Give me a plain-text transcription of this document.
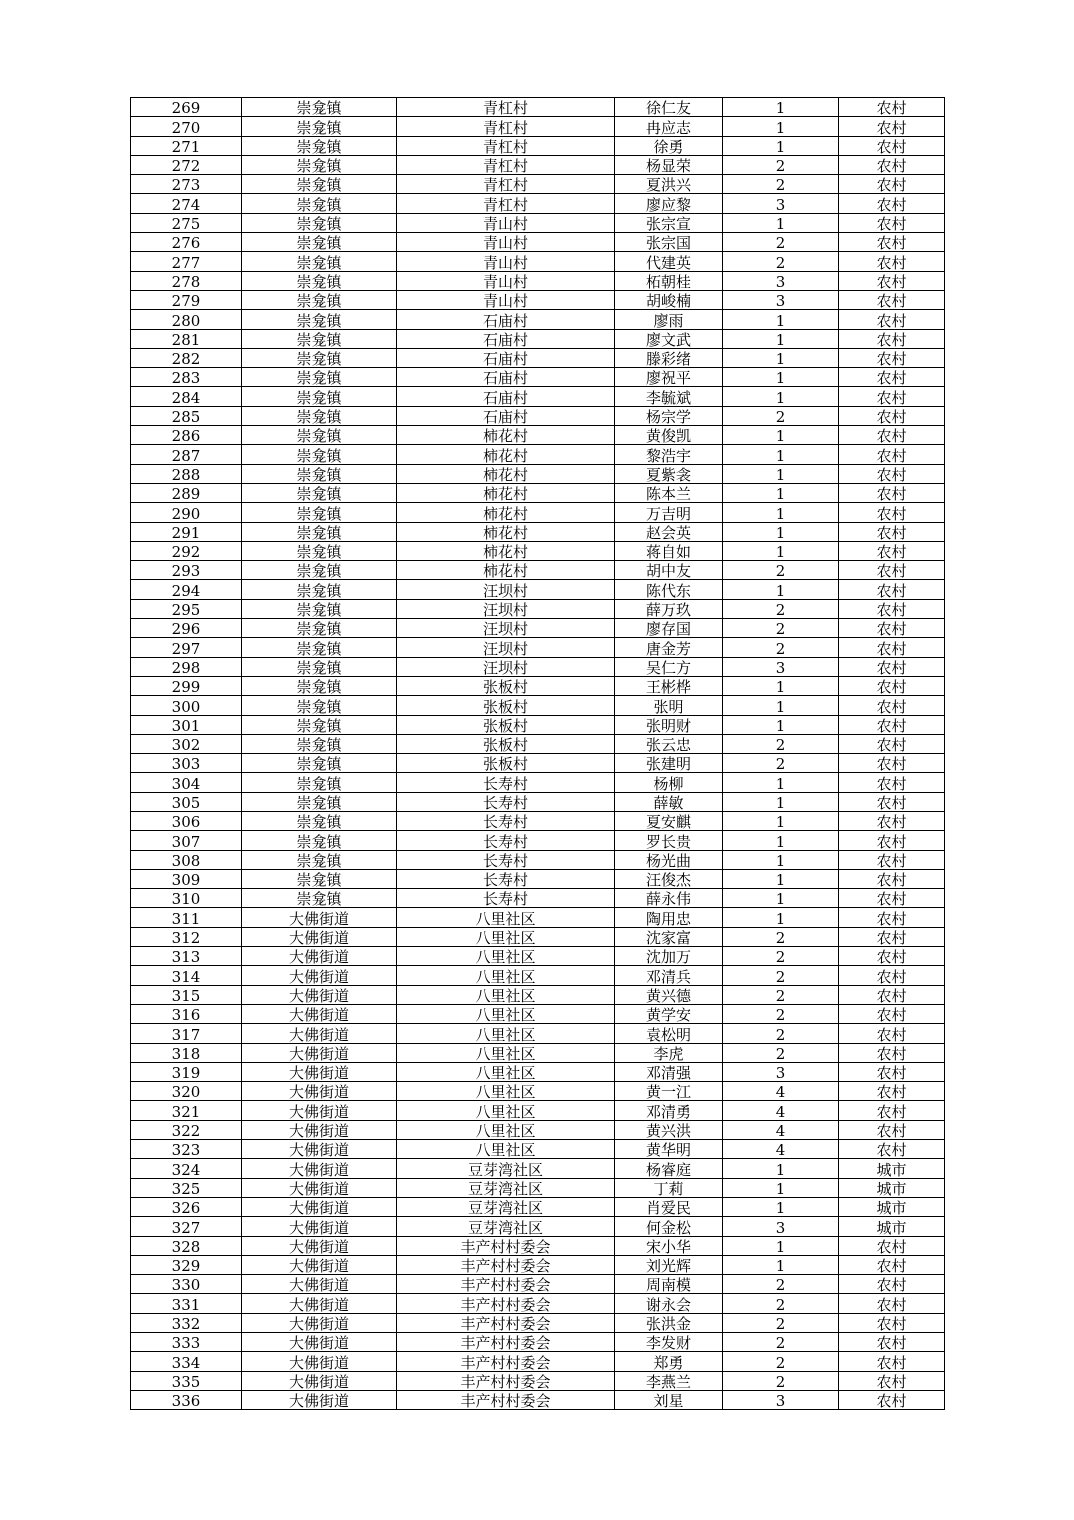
269	崇龛镇	青杠村	徐仁友	1	农村
270	崇龛镇	青杠村	冉应志	1	农村
271	崇龛镇	青杠村	徐勇	1	农村
272	崇龛镇	青杠村	杨显荣	2	农村
273	崇龛镇	青杠村	夏洪兴	2	农村
274	崇龛镇	青杠村	廖应黎	3	农村
275	崇龛镇	青山村	张宗宣	1	农村
276	崇龛镇	青山村	张宗国	2	农村
277	崇龛镇	青山村	代建英	2	农村
278	崇龛镇	青山村	柘朝桂	3	农村
279	崇龛镇	青山村	胡峻楠	3	农村
280	崇龛镇	石庙村	廖雨	1	农村
281	崇龛镇	石庙村	廖文武	1	农村
282	崇龛镇	石庙村	滕彩绪	1	农村
283	崇龛镇	石庙村	廖祝平	1	农村
284	崇龛镇	石庙村	李毓斌	1	农村
285	崇龛镇	石庙村	杨宗学	2	农村
286	崇龛镇	柿花村	黄俊凯	1	农村
287	崇龛镇	柿花村	黎浩宇	1	农村
288	崇龛镇	柿花村	夏紫衾	1	农村
289	崇龛镇	柿花村	陈本兰	1	农村
290	崇龛镇	柿花村	万吉明	1	农村
291	崇龛镇	柿花村	赵会英	1	农村
292	崇龛镇	柿花村	蒋自如	1	农村
293	崇龛镇	柿花村	胡中友	2	农村
294	崇龛镇	汪坝村	陈代东	1	农村
295	崇龛镇	汪坝村	薛万玖	2	农村
296	崇龛镇	汪坝村	廖存国	2	农村
297	崇龛镇	汪坝村	唐金芳	2	农村
298	崇龛镇	汪坝村	吴仁方	3	农村
299	崇龛镇	张板村	王彬桦	1	农村
300	崇龛镇	张板村	张明	1	农村
301	崇龛镇	张板村	张明财	1	农村
302	崇龛镇	张板村	张云忠	2	农村
303	崇龛镇	张板村	张建明	2	农村
304	崇龛镇	长寿村	杨柳	1	农村
305	崇龛镇	长寿村	薛敏	1	农村
306	崇龛镇	长寿村	夏安麒	1	农村
307	崇龛镇	长寿村	罗长贵	1	农村
308	崇龛镇	长寿村	杨光曲	1	农村
309	崇龛镇	长寿村	汪俊杰	1	农村
310	崇龛镇	长寿村	薛永伟	1	农村
311	大佛街道	八里社区	陶用忠	1	农村
312	大佛街道	八里社区	沈家富	2	农村
313	大佛街道	八里社区	沈加万	2	农村
314	大佛街道	八里社区	邓清兵	2	农村
315	大佛街道	八里社区	黄兴德	2	农村
316	大佛街道	八里社区	黄学安	2	农村
317	大佛街道	八里社区	袁松明	2	农村
318	大佛街道	八里社区	李虎	2	农村
319	大佛街道	八里社区	邓清强	3	农村
320	大佛街道	八里社区	黄一江	4	农村
321	大佛街道	八里社区	邓清勇	4	农村
322	大佛街道	八里社区	黄兴洪	4	农村
323	大佛街道	八里社区	黄华明	4	农村
324	大佛街道	豆芽湾社区	杨睿庭	1	城市
325	大佛街道	豆芽湾社区	丁莉	1	城市
326	大佛街道	豆芽湾社区	肖爱民	1	城市
327	大佛街道	豆芽湾社区	何金松	3	城市
328	大佛街道	丰产村村委会	宋小华	1	农村
329	大佛街道	丰产村村委会	刘光辉	1	农村
330	大佛街道	丰产村村委会	周南模	2	农村
331	大佛街道	丰产村村委会	谢永会	2	农村
332	大佛街道	丰产村村委会	张洪金	2	农村
333	大佛街道	丰产村村委会	李发财	2	农村
334	大佛街道	丰产村村委会	郑勇	2	农村
335	大佛街道	丰产村村委会	李燕兰	2	农村
336	大佛街道	丰产村村委会	刘星	3	农村
